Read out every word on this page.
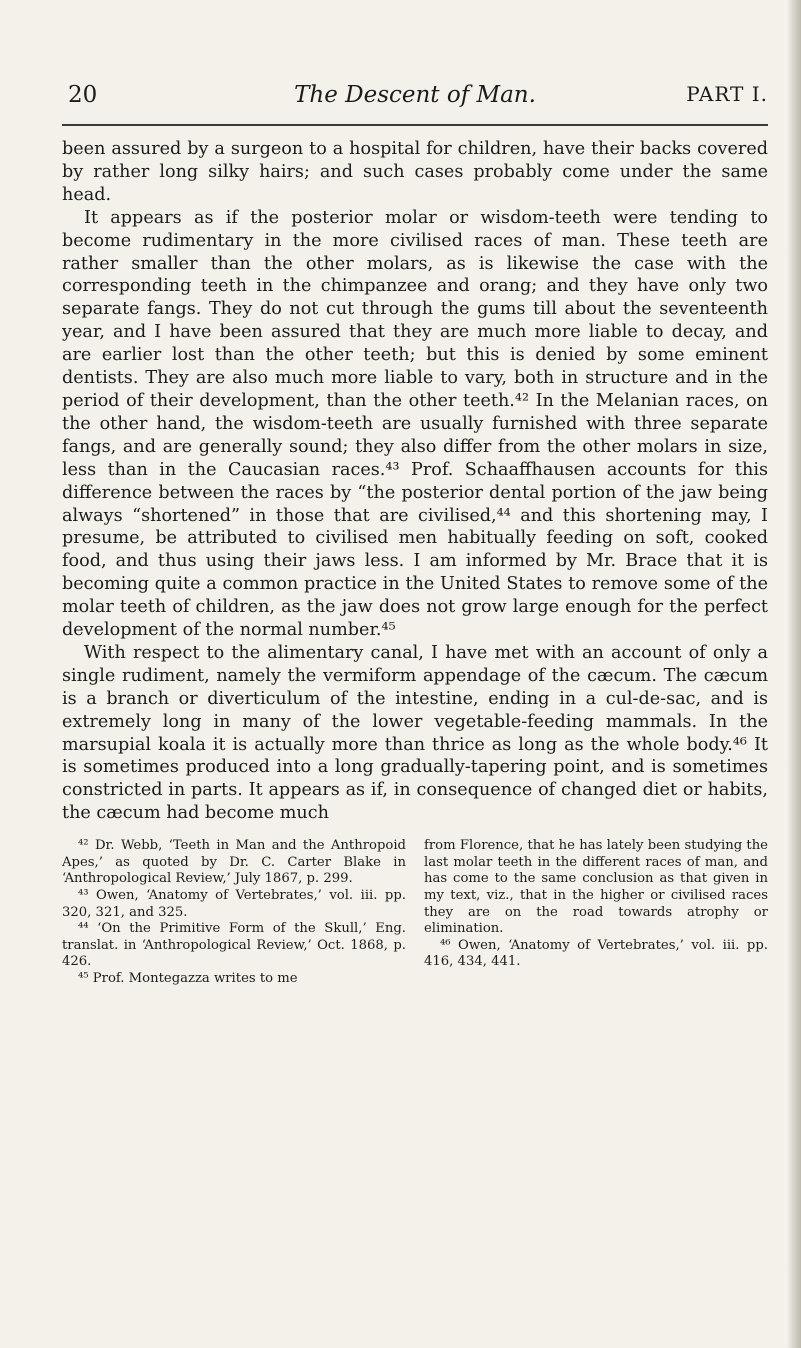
20	The Descent of Man.	PART I.

been assured by a surgeon to a hospital for children, have their backs covered by rather long silky hairs; and such cases probably come under the same head.

It appears as if the posterior molar or wisdom-teeth were tending to become rudimentary in the more civilised races of man. These teeth are rather smaller than the other molars, as is likewise the case with the corresponding teeth in the chimpanzee and orang; and they have only two separate fangs. They do not cut through the gums till about the seventeenth year, and I have been assured that they are much more liable to decay, and are earlier lost than the other teeth; but this is denied by some eminent dentists. They are also much more liable to vary, both in structure and in the period of their development, than the other teeth.⁴² In the Melanian races, on the other hand, the wisdom-teeth are usually furnished with three separate fangs, and are generally sound; they also differ from the other molars in size, less than in the Caucasian races.⁴³ Prof. Schaaffhausen accounts for this difference between the races by “the posterior dental portion of the jaw being always “shortened” in those that are civilised,⁴⁴ and this shortening may, I presume, be attributed to civilised men habitually feeding on soft, cooked food, and thus using their jaws less. I am informed by Mr. Brace that it is becoming quite a common practice in the United States to remove some of the molar teeth of children, as the jaw does not grow large enough for the perfect development of the normal number.⁴⁵

With respect to the alimentary canal, I have met with an account of only a single rudiment, namely the vermiform appendage of the cæcum. The cæcum is a branch or diverticulum of the intestine, ending in a cul-de-sac, and is extremely long in many of the lower vegetable-feeding mammals. In the marsupial koala it is actually more than thrice as long as the whole body.⁴⁶ It is sometimes produced into a long gradually-tapering point, and is sometimes constricted in parts. It appears as if, in consequence of changed diet or habits, the cæcum had become much

⁴² Dr. Webb, ‘Teeth in Man and the Anthropoid Apes,’ as quoted by Dr. C. Carter Blake in ‘Anthropological Review,’ July 1867, p. 299.

⁴³ Owen, ‘Anatomy of Vertebrates,’ vol. iii. pp. 320, 321, and 325.

⁴⁴ ‘On the Primitive Form of the Skull,’ Eng. translat. in ‘Anthropological Review,’ Oct. 1868, p. 426.

⁴⁵ Prof. Montegazza writes to me

from Florence, that he has lately been studying the last molar teeth in the different races of man, and has come to the same conclusion as that given in my text, viz., that in the higher or civilised races they are on the road towards atrophy or elimination.

⁴⁶ Owen, ‘Anatomy of Vertebrates,’ vol. iii. pp. 416, 434, 441.
